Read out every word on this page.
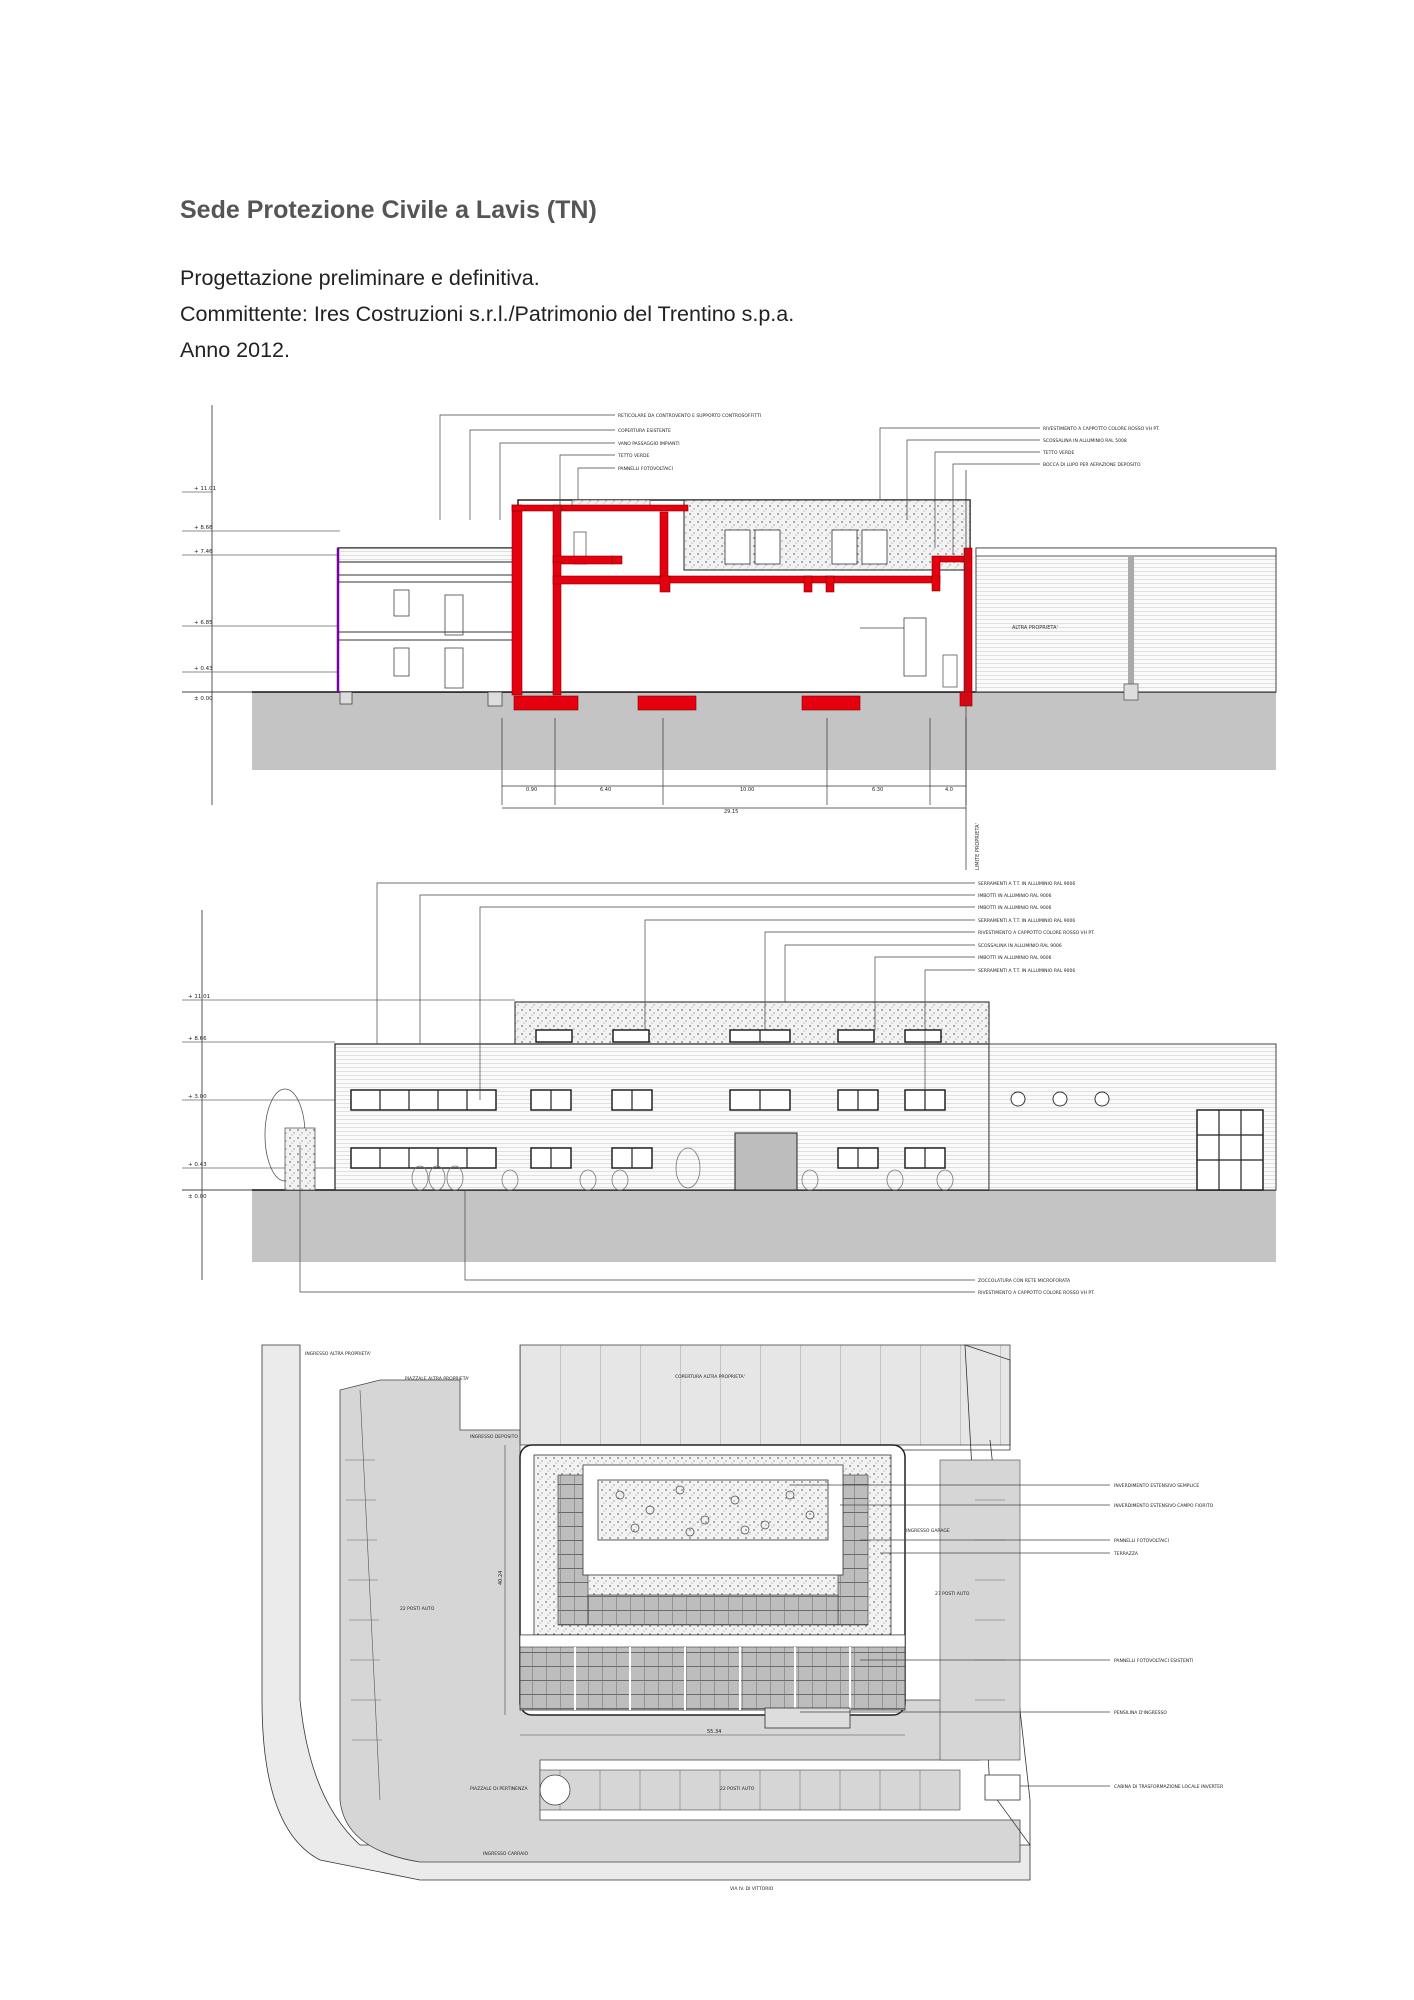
Sede Protezione Civile a Lavis (TN)

Progettazione preliminare e definitiva.

Committente: Ires Costruzioni s.r.l./Patrimonio del Trentino s.p.a.

Anno 2012.

+ 11.01
+ 8.66
+ 7.46
+ 6.85
+ 0.43
± 0.00
ALTRA PROPRIETA'
LIMITE PROPRIETA'
0.90	6.40	10.00	6.30	4.0
29.15
RETICOLARE DA CONTROVENTO E SUPPORTO CONTROSOFFITTI
COPERTURA ESISTENTE
VANO PASSAGGIO IMPIANTI
TETTO VERDE
PANNELLI FOTOVOLTAICI
RIVESTIMENTO A CAPPOTTO COLORE ROSSO VH PT.
SCOSSALINA IN ALLUMINIO RAL 5008
TETTO VERDE
BOCCA DI LUPO PER AERAZIONE DEPOSITO
+ 11.01
+ 8.66
+ 3.00
+ 0.43
± 0.00
SERRAMENTI A T.T. IN ALLUMINIO RAL 9006
IMBOTTI IN ALLUMINIO RAL 9006
IMBOTTI IN ALLUMINIO RAL 9006
SERRAMENTI A T.T. IN ALLUMINIO RAL 9006
RIVESTIMENTO A CAPPOTTO COLORE ROSSO VH PT.
SCOSSALINA IN ALLUMINIO RAL 9006
IMBOTTI IN ALLUMINIO RAL 9006
SERRAMENTI A T.T. IN ALLUMINIO RAL 9006
ZOCCOLATURA CON RETE MICROFORATA
RIVESTIMENTO A CAPPOTTO COLORE ROSSO VH PT.
55.34
40.24
INVERDIMENTO ESTENSIVO SEMPLICE
INVERDIMENTO ESTENSIVO CAMPO FIORITO
PANNELLI FOTOVOLTAICI
TERRAZZA
PANNELLI FOTOVOLTAICI ESISTENTI
PENSILINA D'INGRESSO
CABINA DI TRASFORMAZIONE LOCALE INVERTER
INGRESSO ALTRA PROPRIETA'
PIAZZALE ALTRA PROPRIETA'	COPERTURA ALTRA PROPRIETA'
INGRESSO DEPOSITO
INGRESSO GARAGE
22 POSTI AUTO
27 POSTI AUTO
22 POSTI AUTO
PIAZZALE DI PERTINENZA
INGRESSO CARRAIO
VIA IV. DI VITTORIO
